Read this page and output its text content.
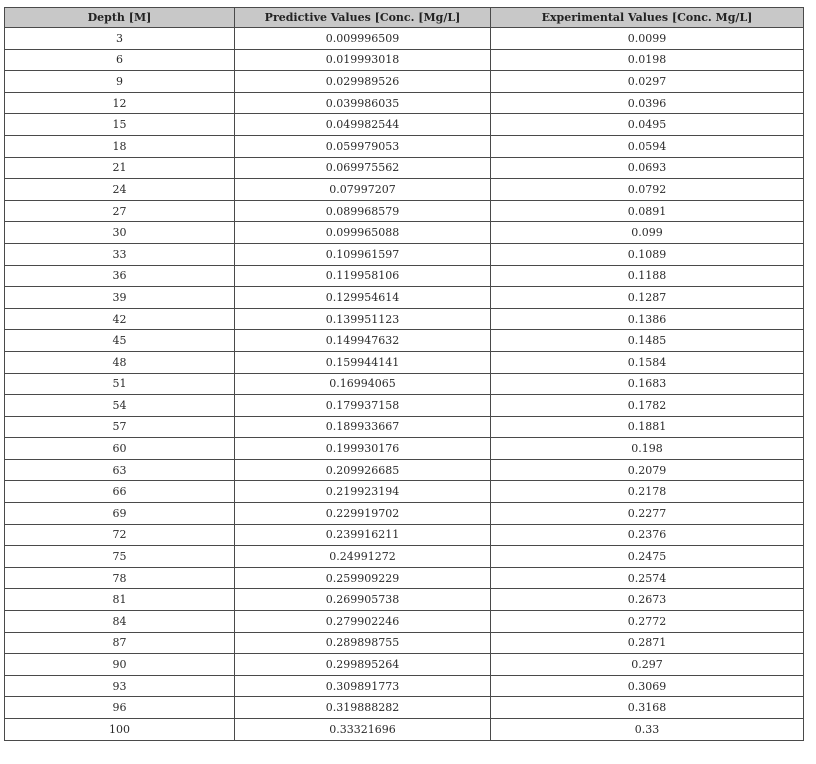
Depth [M]	Predictive Values [Conc. [Mg/L]	Experimental Values [Conc. Mg/L]
3	0.009996509	0.0099
6	0.019993018	0.0198
9	0.029989526	0.0297
12	0.039986035	0.0396
15	0.049982544	0.0495
18	0.059979053	0.0594
21	0.069975562	0.0693
24	0.07997207	0.0792
27	0.089968579	0.0891
30	0.099965088	0.099
33	0.109961597	0.1089
36	0.119958106	0.1188
39	0.129954614	0.1287
42	0.139951123	0.1386
45	0.149947632	0.1485
48	0.159944141	0.1584
51	0.16994065	0.1683
54	0.179937158	0.1782
57	0.189933667	0.1881
60	0.199930176	0.198
63	0.209926685	0.2079
66	0.219923194	0.2178
69	0.229919702	0.2277
72	0.239916211	0.2376
75	0.24991272	0.2475
78	0.259909229	0.2574
81	0.269905738	0.2673
84	0.279902246	0.2772
87	0.289898755	0.2871
90	0.299895264	0.297
93	0.309891773	0.3069
96	0.319888282	0.3168
100	0.33321696	0.33
